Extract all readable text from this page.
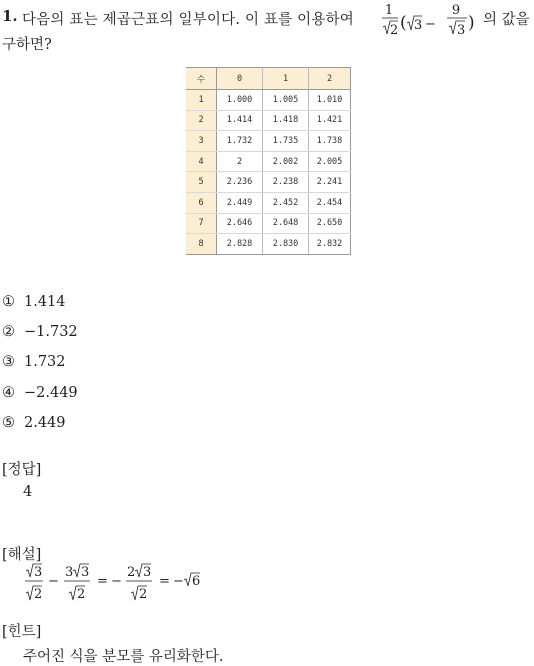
1. 다음의 표는 제곱근표의 일부이다. 이 표를 이용하여
1
2 ( 3 −
9
3 ) 의 값을
구하면?
수	0	1	2
1	1.000	1.005	1.010
2	1.414	1.418	1.421
3	1.732	1.735	1.738
4	2	2.002	2.005
5	2.236	2.238	2.241
6	2.449	2.452	2.454
7	2.646	2.648	2.650
8	2.828	2.830	2.832
① 1.414
② −1.732
③ 1.732
④ −2.449
⑤ 2.449
[정답]
4
[해설]
3
2
−
3 3
2
= −
2 3
2
= − 6
[힌트]
주어진 식을 분모를 유리화한다.
